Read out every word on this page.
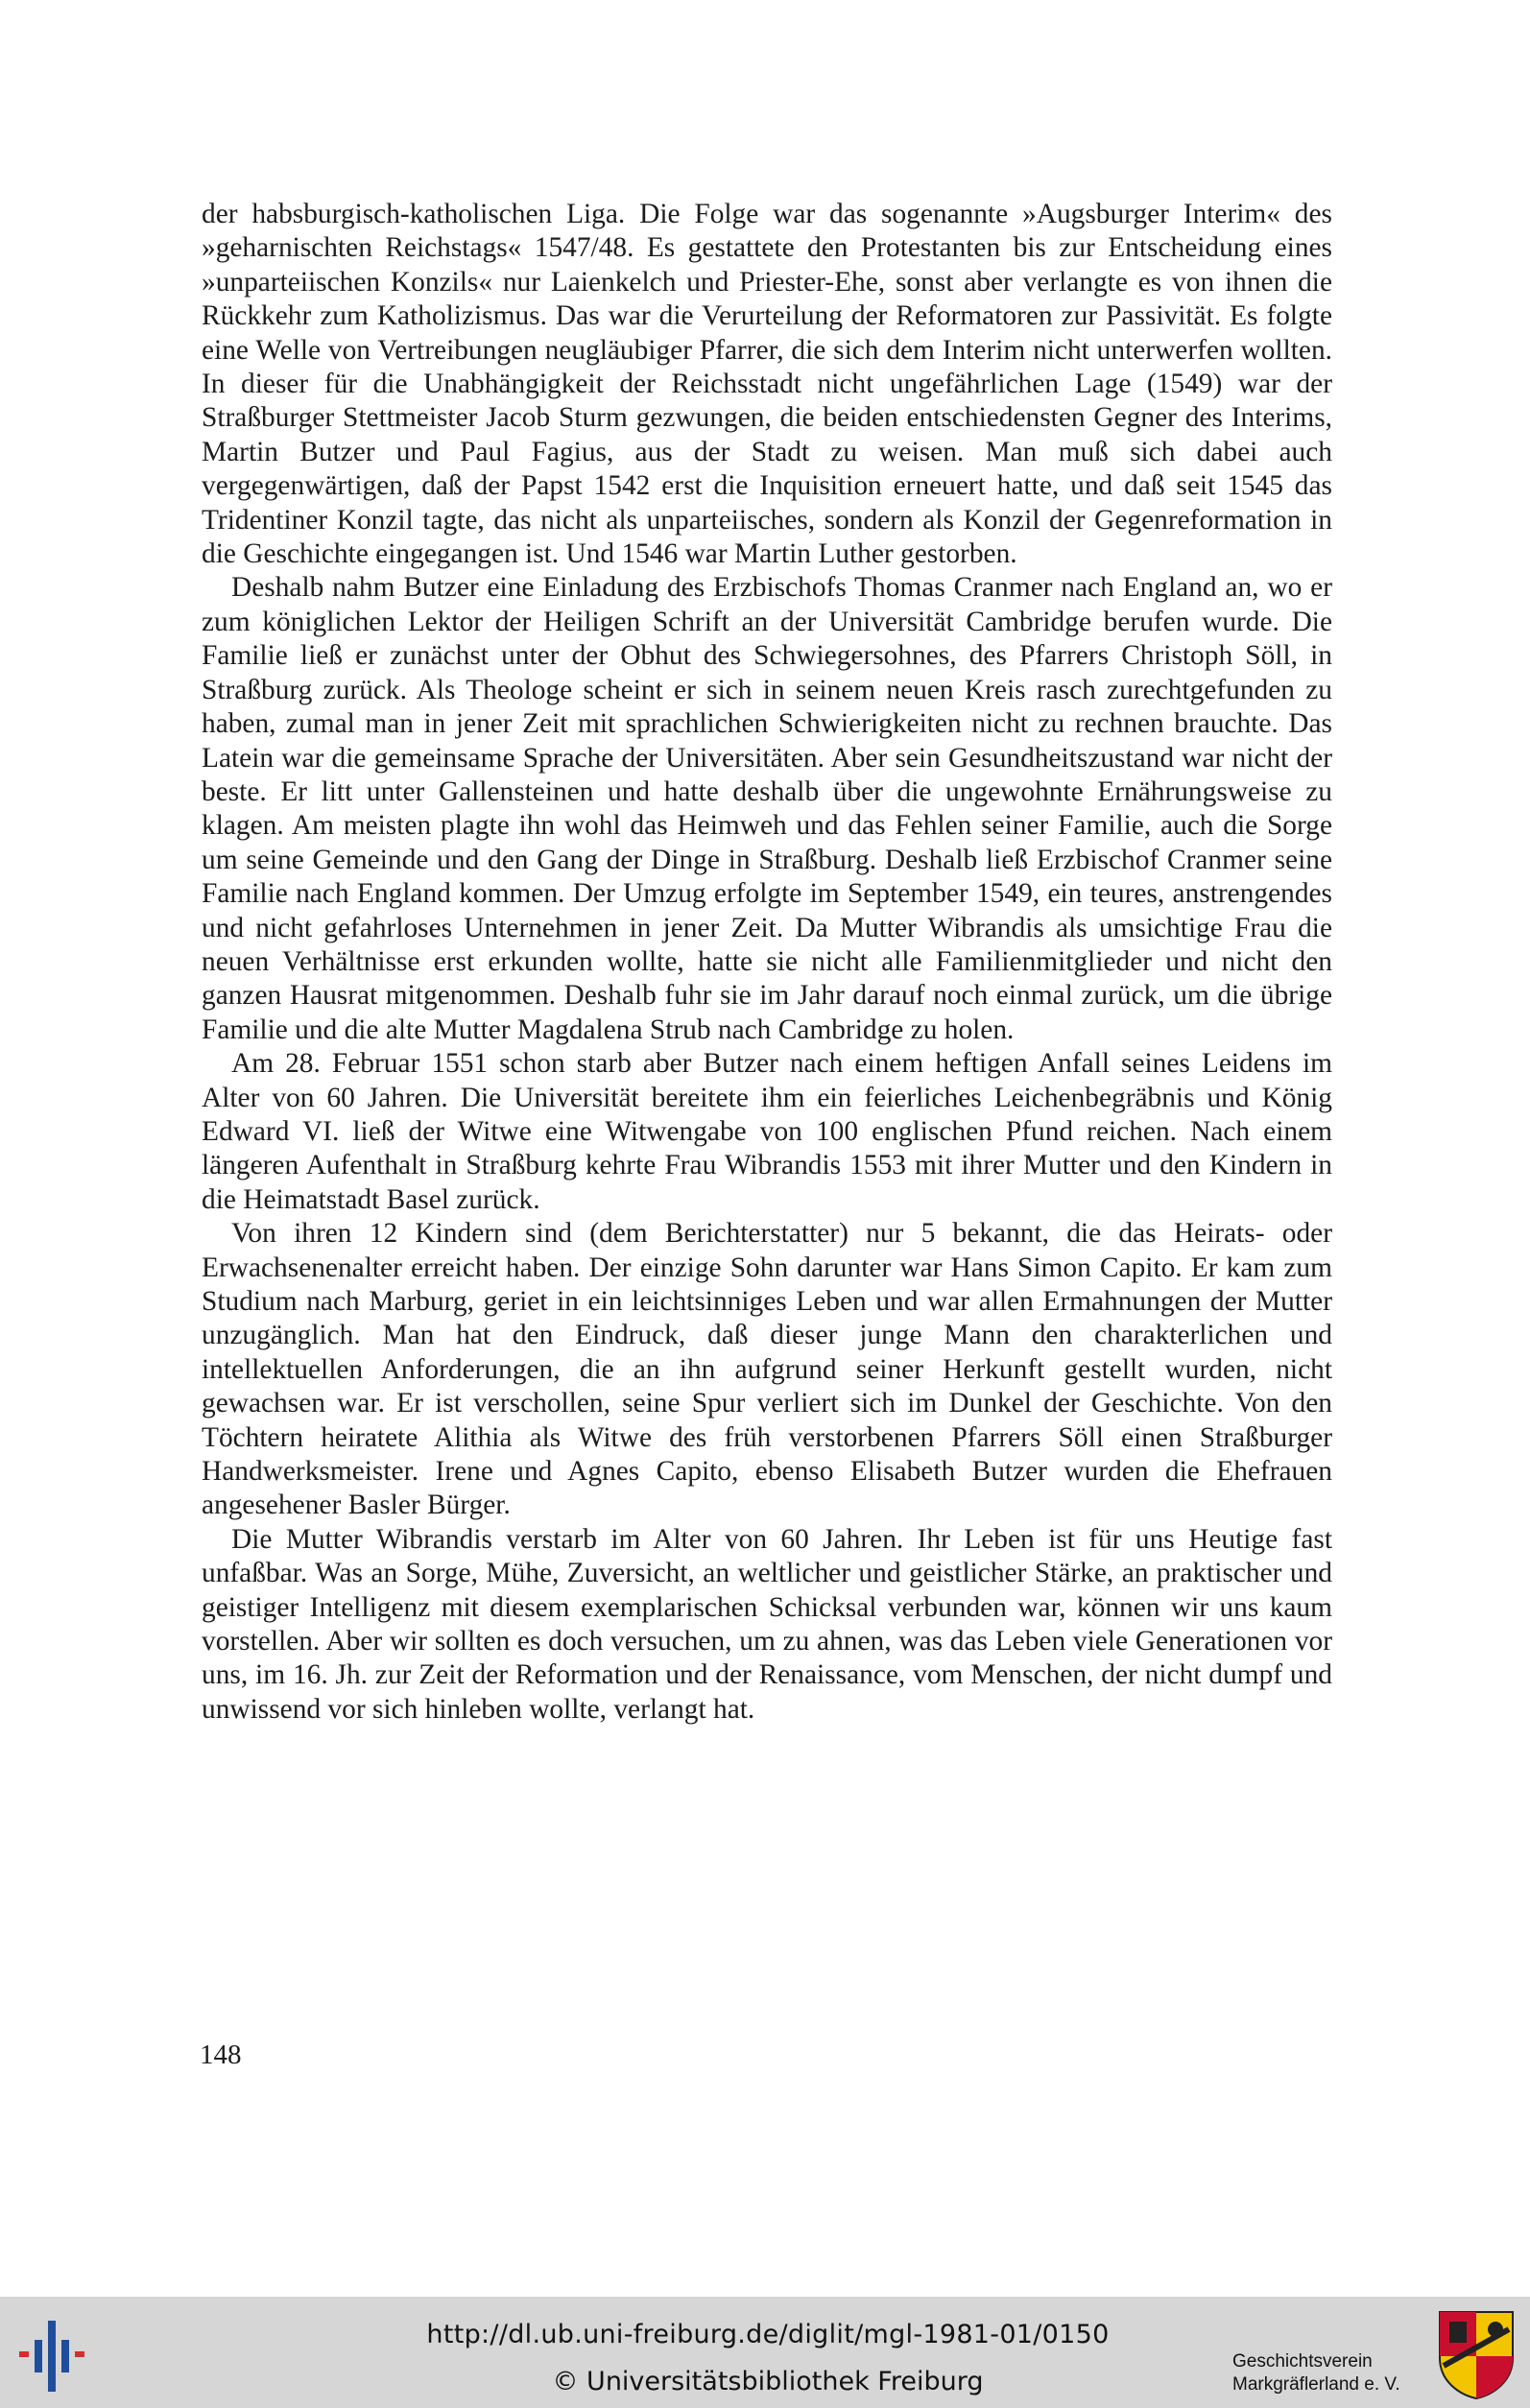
der habsburgisch-katholischen Liga. Die Folge war das sogenannte »Augsburger Interim« des »geharnischten Reichstags« 1547/48. Es gestattete den Protestanten bis zur Entscheidung eines »unparteiischen Konzils« nur Laienkelch und Priester-Ehe, sonst aber verlangte es von ihnen die Rückkehr zum Katholizismus. Das war die Verurteilung der Reformatoren zur Passivität. Es folgte eine Welle von Vertreibungen neugläubiger Pfarrer, die sich dem Interim nicht unterwerfen wollten. In dieser für die Unabhängigkeit der Reichsstadt nicht ungefährlichen Lage (1549) war der Straßburger Stettmeister Jacob Sturm gezwungen, die beiden entschiedensten Gegner des Interims, Martin Butzer und Paul Fagius, aus der Stadt zu weisen. Man muß sich dabei auch vergegenwärtigen, daß der Papst 1542 erst die Inquisition erneuert hatte, und daß seit 1545 das Tridentiner Konzil tagte, das nicht als unparteiisches, sondern als Konzil der Gegenreformation in die Geschichte eingegangen ist. Und 1546 war Martin Luther gestorben.

Deshalb nahm Butzer eine Einladung des Erzbischofs Thomas Cranmer nach England an, wo er zum königlichen Lektor der Heiligen Schrift an der Universität Cambridge berufen wurde. Die Familie ließ er zunächst unter der Obhut des Schwiegersohnes, des Pfarrers Christoph Söll, in Straßburg zurück. Als Theologe scheint er sich in seinem neuen Kreis rasch zurechtgefunden zu haben, zumal man in jener Zeit mit sprachlichen Schwierigkeiten nicht zu rechnen brauchte. Das Latein war die gemeinsame Sprache der Universitäten. Aber sein Gesundheitszustand war nicht der beste. Er litt unter Gallensteinen und hatte deshalb über die ungewohnte Ernährungsweise zu klagen. Am meisten plagte ihn wohl das Heimweh und das Fehlen seiner Familie, auch die Sorge um seine Gemeinde und den Gang der Dinge in Straßburg. Deshalb ließ Erzbischof Cranmer seine Familie nach England kommen. Der Umzug erfolgte im September 1549, ein teures, anstrengendes und nicht gefahrloses Unternehmen in jener Zeit. Da Mutter Wibrandis als umsichtige Frau die neuen Verhältnisse erst erkunden wollte, hatte sie nicht alle Familienmitglieder und nicht den ganzen Hausrat mitgenommen. Deshalb fuhr sie im Jahr darauf noch einmal zurück, um die übrige Familie und die alte Mutter Magdalena Strub nach Cambridge zu holen.

Am 28. Februar 1551 schon starb aber Butzer nach einem heftigen Anfall seines Leidens im Alter von 60 Jahren. Die Universität bereitete ihm ein feierliches Leichenbegräbnis und König Edward VI. ließ der Witwe eine Witwengabe von 100 englischen Pfund reichen. Nach einem längeren Aufenthalt in Straßburg kehrte Frau Wibrandis 1553 mit ihrer Mutter und den Kindern in die Heimatstadt Basel zurück.

Von ihren 12 Kindern sind (dem Berichterstatter) nur 5 bekannt, die das Heirats- oder Erwachsenenalter erreicht haben. Der einzige Sohn darunter war Hans Simon Capito. Er kam zum Studium nach Marburg, geriet in ein leichtsinniges Leben und war allen Ermahnungen der Mutter unzugänglich. Man hat den Eindruck, daß dieser junge Mann den charakterlichen und intellektuellen Anforderungen, die an ihn aufgrund seiner Herkunft gestellt wurden, nicht gewachsen war. Er ist verschollen, seine Spur verliert sich im Dunkel der Geschichte. Von den Töchtern heiratete Alithia als Witwe des früh verstorbenen Pfarrers Söll einen Straßburger Handwerksmeister. Irene und Agnes Capito, ebenso Elisabeth Butzer wurden die Ehefrauen angesehener Basler Bürger.

Die Mutter Wibrandis verstarb im Alter von 60 Jahren. Ihr Leben ist für uns Heutige fast unfaßbar. Was an Sorge, Mühe, Zuversicht, an weltlicher und geistlicher Stärke, an praktischer und geistiger Intelligenz mit diesem exemplarischen Schicksal verbunden war, können wir uns kaum vorstellen. Aber wir sollten es doch versuchen, um zu ahnen, was das Leben viele Generationen vor uns, im 16. Jh. zur Zeit der Reformation und der Renaissance, vom Menschen, der nicht dumpf und unwissend vor sich hinleben wollte, verlangt hat.

148
http://dl.ub.uni-freiburg.de/diglit/mgl-1981-01/0150
© Universitätsbibliothek Freiburg
Geschichtsverein
Markgräflerland e. V.
